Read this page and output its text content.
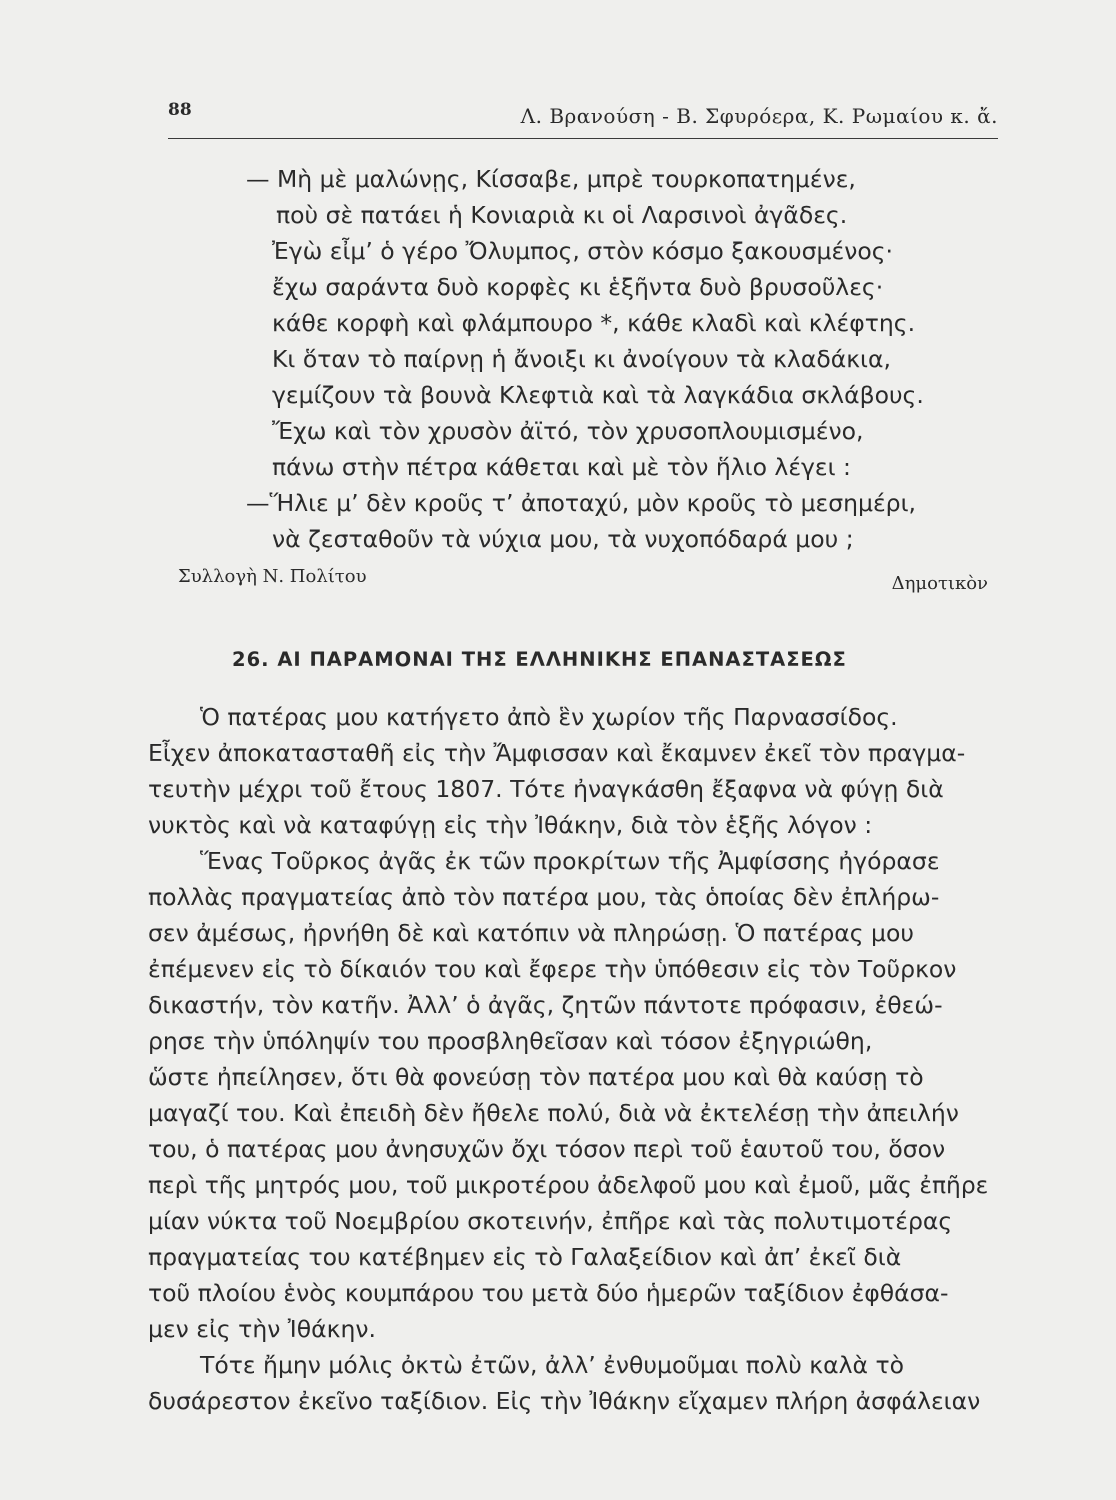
88	Λ. Βρανούση - Β. Σφυρόερα, Κ. Ρωμαίου κ. ἄ.
— Μὴ μὲ μαλώνῃς, Κίσσαβε, μπρὲ τουρκοπατημένε,
ποὺ σὲ πατάει ἡ Κονιαριὰ κι οἱ Λαρσινοὶ ἀγᾶδες.
Ἐγὼ εἶμ’ ὁ γέρο Ὄλυμπος, στὸν κόσμο ξακουσμένος·
ἔχω σαράντα δυὸ κορφὲς κι ἑξῆντα δυὸ βρυσοῦλες·
κάθε κορφὴ καὶ φλάμπουρο *, κάθε κλαδὶ καὶ κλέφτης.
Κι ὅταν τὸ παίρνῃ ἡ ἄνοιξι κι ἀνοίγουν τὰ κλαδάκια,
γεμίζουν τὰ βουνὰ Κλεφτιὰ καὶ τὰ λαγκάδια σκλάβους.
Ἔχω καὶ τὸν χρυσὸν ἀϊτό, τὸν χρυσοπλουμισμένο,
πάνω στὴν πέτρα κάθεται καὶ μὲ τὸν ἥλιο λέγει :
—Ἥλιε μ’ δὲν κροῦς τ’ ἀποταχύ, μὸν κροῦς τὸ μεσημέρι,
νὰ ζεσταθοῦν τὰ νύχια μου, τὰ νυχοπόδαρά μου ;
Συλλογὴ Ν. Πολίτου	Δημοτικὸν
26. ΑΙ ΠΑΡΑΜΟΝΑΙ ΤΗΣ ΕΛΛΗΝΙΚΗΣ ΕΠΑΝΑΣΤΑΣΕΩΣ
Ὁ πατέρας μου κατήγετο ἀπὸ ἓν χωρίον τῆς Παρνασσίδος.
Εἶχεν ἀποκατασταθῆ εἰς τὴν Ἄμφισσαν καὶ ἔκαμνεν ἐκεῖ τὸν πραγμα-
τευτὴν μέχρι τοῦ ἔτους 1807. Τότε ἠναγκάσθη ἔξαφνα νὰ φύγῃ διὰ
νυκτὸς καὶ νὰ καταφύγῃ εἰς τὴν Ἰθάκην, διὰ τὸν ἑξῆς λόγον :
Ἕνας Τοῦρκος ἀγᾶς ἐκ τῶν προκρίτων τῆς Ἀμφίσσης ἠγόρασε
πολλὰς πραγματείας ἀπὸ τὸν πατέρα μου, τὰς ὁποίας δὲν ἐπλήρω-
σεν ἀμέσως, ἠρνήθη δὲ καὶ κατόπιν νὰ πληρώσῃ. Ὁ πατέρας μου
ἐπέμενεν εἰς τὸ δίκαιόν του καὶ ἔφερε τὴν ὑπόθεσιν εἰς τὸν Τοῦρκον
δικαστήν, τὸν κατῆν. Ἀλλ’ ὁ ἀγᾶς, ζητῶν πάντοτε πρόφασιν, ἐθεώ-
ρησε τὴν ὑπόληψίν του προσβληθεῖσαν καὶ τόσον ἐξηγριώθη,
ὥστε ἠπείλησεν, ὅτι θὰ φονεύσῃ τὸν πατέρα μου καὶ θὰ καύσῃ τὸ
μαγαζί του. Καὶ ἐπειδὴ δὲν ἤθελε πολύ, διὰ νὰ ἐκτελέσῃ τὴν ἀπειλήν
του, ὁ πατέρας μου ἀνησυχῶν ὄχι τόσον περὶ τοῦ ἑαυτοῦ του, ὅσον
περὶ τῆς μητρός μου, τοῦ μικροτέρου ἀδελφοῦ μου καὶ ἐμοῦ, μᾶς ἐπῆρε
μίαν νύκτα τοῦ Νοεμβρίου σκοτεινήν, ἐπῆρε καὶ τὰς πολυτιμοτέρας
πραγματείας του κατέβημεν εἰς τὸ Γαλαξείδιον καὶ ἀπ’ ἐκεῖ διὰ
τοῦ πλοίου ἑνὸς κουμπάρου του μετὰ δύο ἡμερῶν ταξίδιον ἐφθάσα-
μεν εἰς τὴν Ἰθάκην.
Τότε ἤμην μόλις ὀκτὼ ἐτῶν, ἀλλ’ ἐνθυμοῦμαι πολὺ καλὰ τὸ
δυσάρεστον ἐκεῖνο ταξίδιον. Εἰς τὴν Ἰθάκην εἴχαμεν πλήρη ἀσφάλειαν
